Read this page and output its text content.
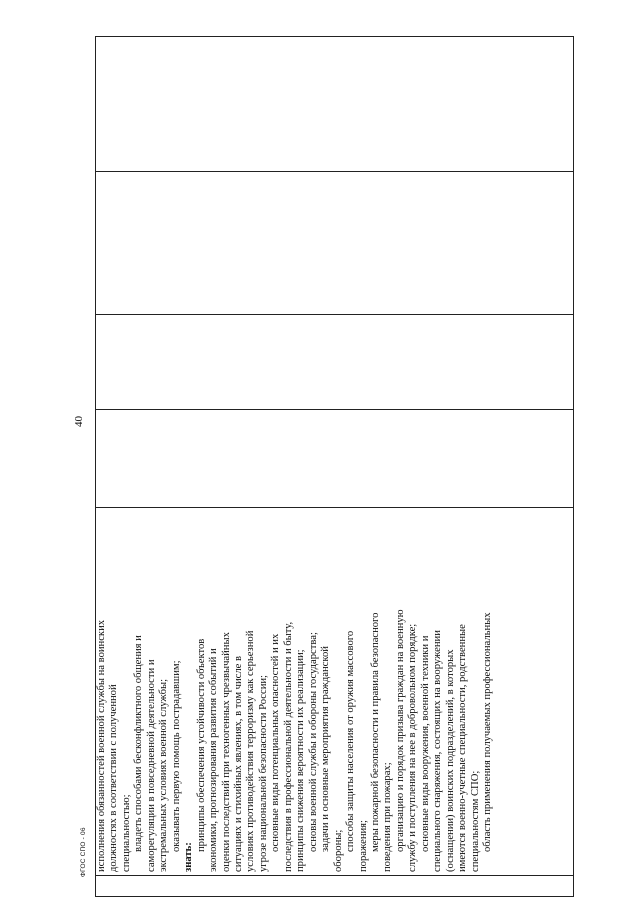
40
ФГОС СПО - 06
	исполнения обязанностей военной службы на воинских должностях в соответствии с полученной специальностью; владеть способами бесконфликтного общения и саморегуляции в повседневной деятельности и экстремальных условиях военной службы; оказывать первую помощь пострадавшим;
знать:
принципы обеспечения устойчивости объектов экономики, прогнозирования развития событий и оценки последствий при техногенных чрезвычайных ситуациях и стихийных явлениях, в том числе в условиях противодействия терроризму как серьезной угрозе национальной безопасности России; основные виды потенциальных опасностей и их последствия в профессиональной деятельности и быту, принципы снижения вероятности их реализации; основы военной службы и обороны государства; задачи и основные мероприятия гражданской обороны; способы защиты населения от оружия массового поражения; меры пожарной безопасности и правила безопасного поведения при пожарах; организацию и порядок призыва граждан на военную службу и поступления на нее в добровольном порядке; основные виды вооружения, военной техники и специального снаряжения, состоящих на вооружении (оснащении) воинских подразделений, в которых имеются военно-учетные специальности, родственные специальностям СПО; область применения получаемых профессиональных
